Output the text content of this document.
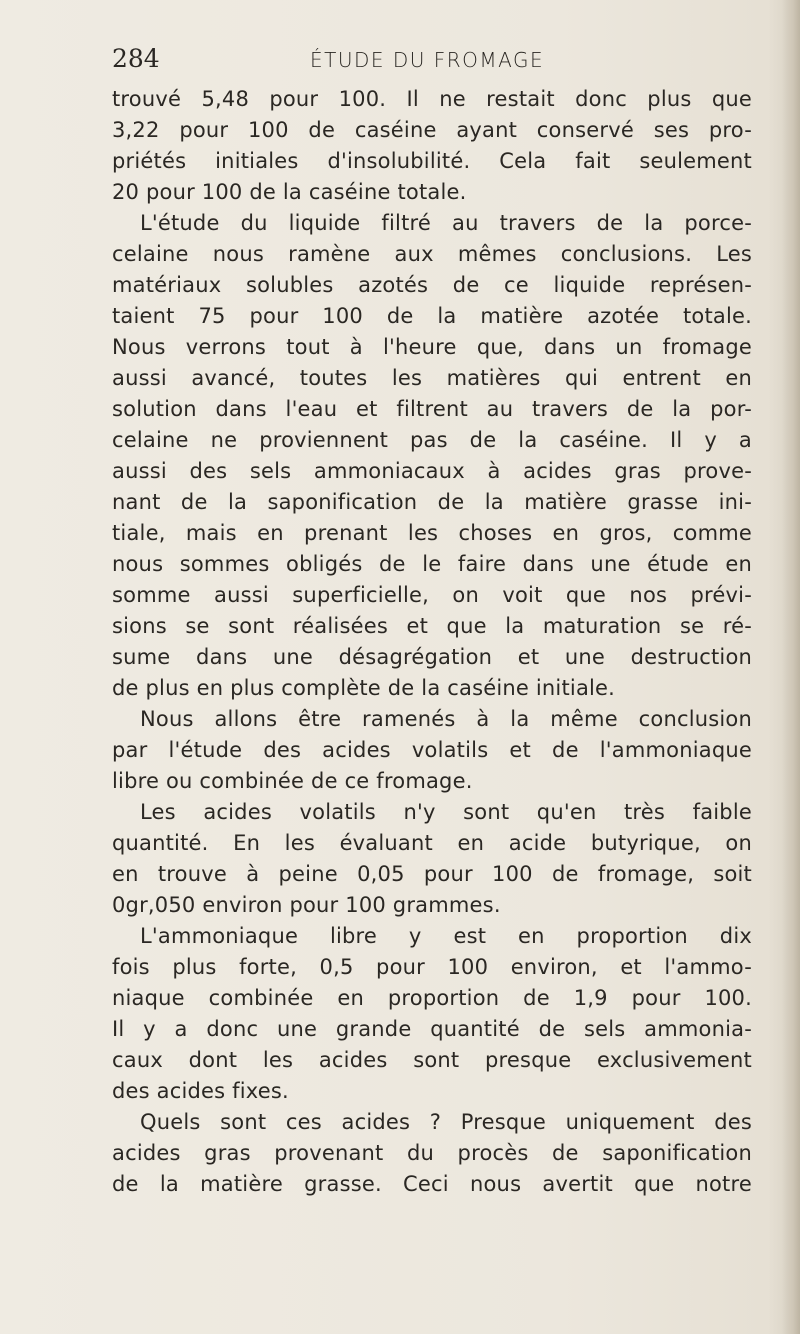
284	ÉTUDE DU FROMAGE
trouvé 5,48 pour 100. Il ne restait donc plus que
3,22 pour 100 de caséine ayant conservé ses pro-
priétés initiales d'insolubilité. Cela fait seulement
20 pour 100 de la caséine totale.
L'étude du liquide filtré au travers de la porce-
celaine nous ramène aux mêmes conclusions. Les
matériaux solubles azotés de ce liquide représen-
taient 75 pour 100 de la matière azotée totale.
Nous verrons tout à l'heure que, dans un fromage
aussi avancé, toutes les matières qui entrent en
solution dans l'eau et filtrent au travers de la por-
celaine ne proviennent pas de la caséine. Il y a
aussi des sels ammoniacaux à acides gras prove-
nant de la saponification de la matière grasse ini-
tiale, mais en prenant les choses en gros, comme
nous sommes obligés de le faire dans une étude en
somme aussi superficielle, on voit que nos prévi-
sions se sont réalisées et que la maturation se ré-
sume dans une désagrégation et une destruction
de plus en plus complète de la caséine initiale.
Nous allons être ramenés à la même conclusion
par l'étude des acides volatils et de l'ammoniaque
libre ou combinée de ce fromage.
Les acides volatils n'y sont qu'en très faible
quantité. En les évaluant en acide butyrique, on
en trouve à peine 0,05 pour 100 de fromage, soit
0gr,050 environ pour 100 grammes.
L'ammoniaque libre y est en proportion dix
fois plus forte, 0,5 pour 100 environ, et l'ammo-
niaque combinée en proportion de 1,9 pour 100.
Il y a donc une grande quantité de sels ammonia-
caux dont les acides sont presque exclusivement
des acides fixes.
Quels sont ces acides ? Presque uniquement des
acides gras provenant du procès de saponification
de la matière grasse. Ceci nous avertit que notre
